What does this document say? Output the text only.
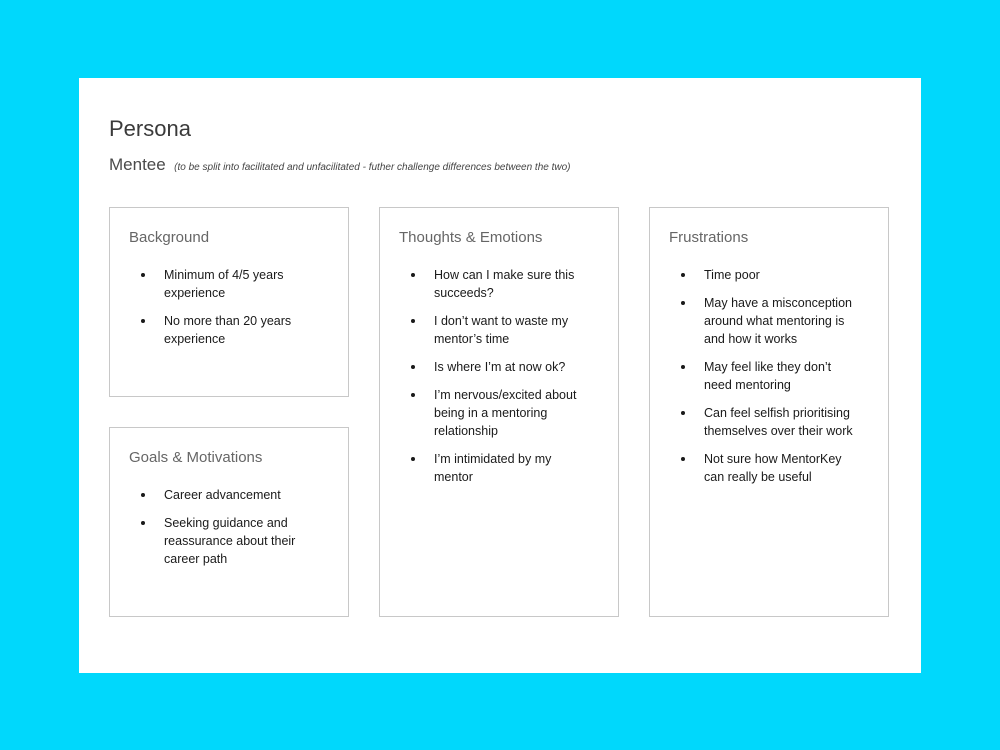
Persona
Mentee (to be split into facilitated and unfacilitated - futher challenge differences between the two)
Background
Minimum of 4/5 years experience
No more than 20 years experience
Goals & Motivations
Career advancement
Seeking guidance and reassurance about their career path
Thoughts & Emotions
How can I make sure this succeeds?
I don’t want to waste my mentor’s time
Is where I’m at now ok?
I’m nervous/excited about being in a mentoring relationship
I’m intimidated by my mentor
Frustrations
Time poor
May have a misconception around what mentoring is and how it works
May feel like they don’t need mentoring
Can feel selfish prioritising themselves over their work
Not sure how MentorKey can really be useful
